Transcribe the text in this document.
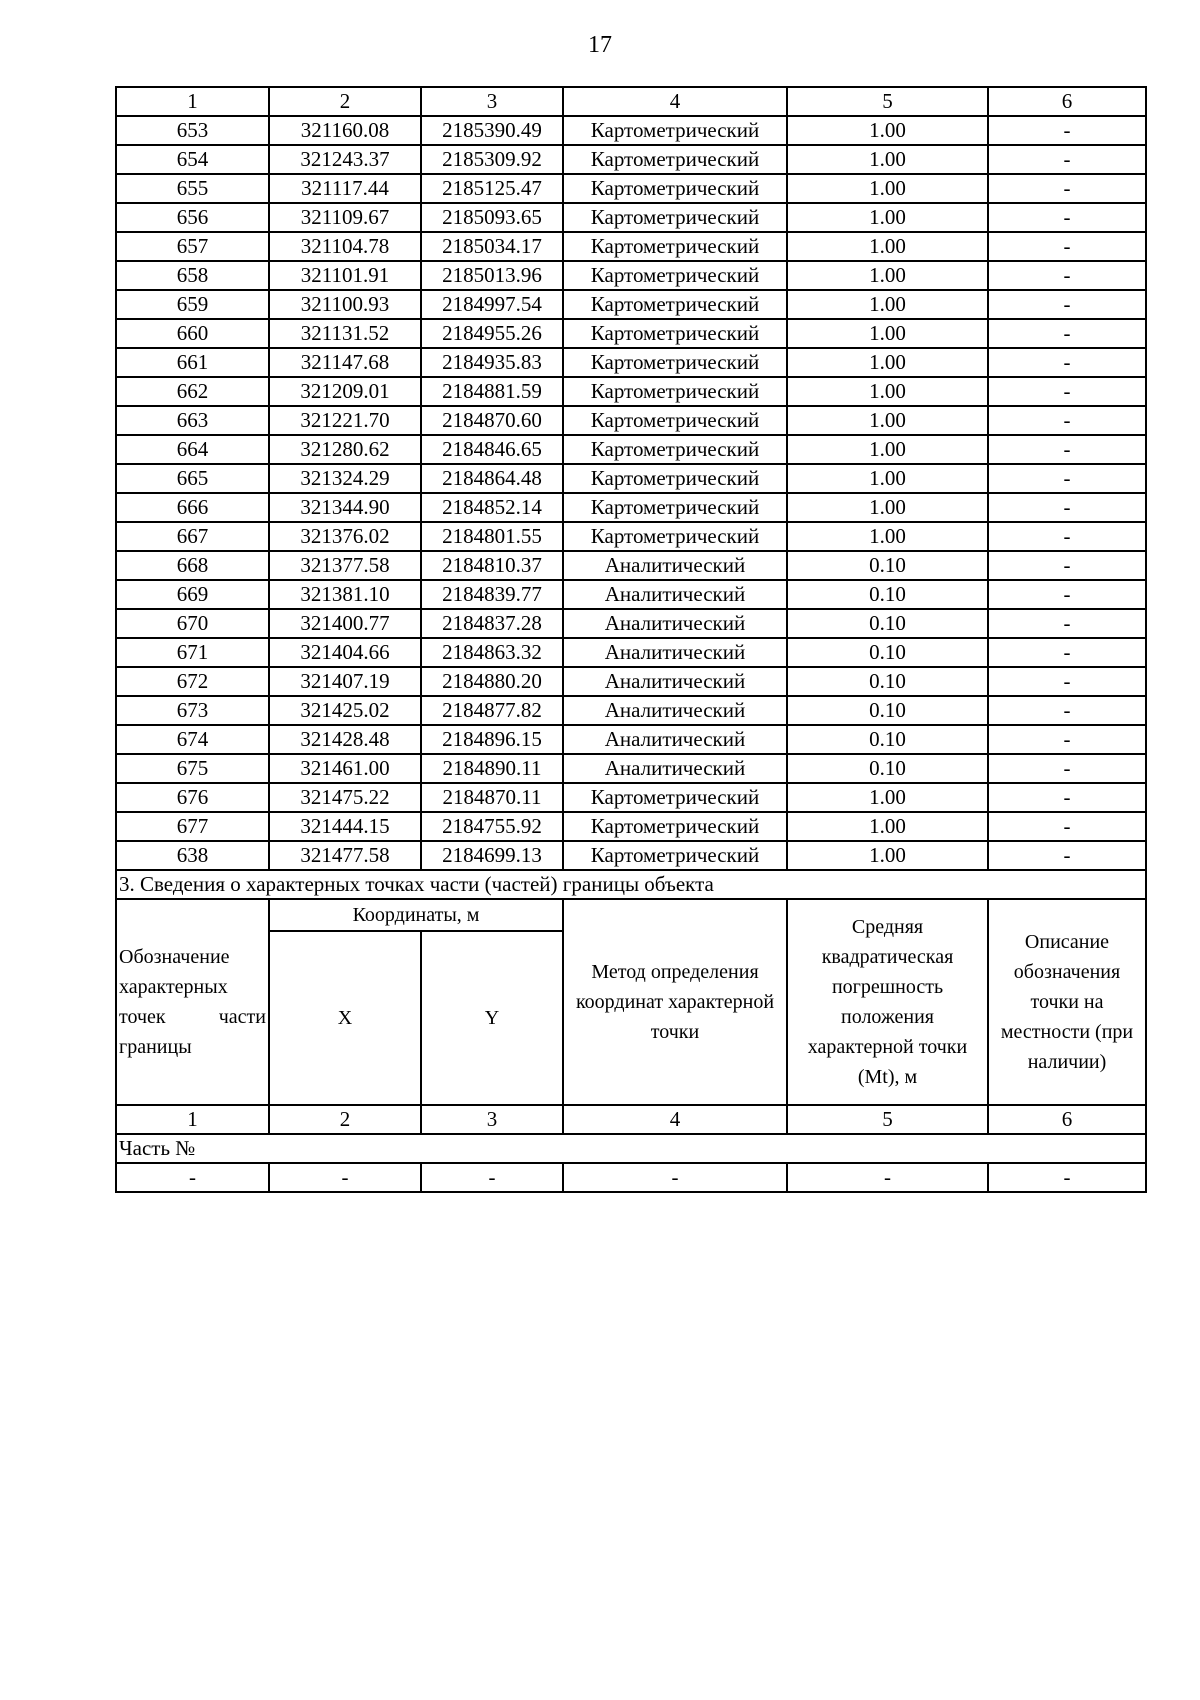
17
1	2	3	4	5	6
653	321160.08	2185390.49	Картометрический	1.00	-
654	321243.37	2185309.92	Картометрический	1.00	-
655	321117.44	2185125.47	Картометрический	1.00	-
656	321109.67	2185093.65	Картометрический	1.00	-
657	321104.78	2185034.17	Картометрический	1.00	-
658	321101.91	2185013.96	Картометрический	1.00	-
659	321100.93	2184997.54	Картометрический	1.00	-
660	321131.52	2184955.26	Картометрический	1.00	-
661	321147.68	2184935.83	Картометрический	1.00	-
662	321209.01	2184881.59	Картометрический	1.00	-
663	321221.70	2184870.60	Картометрический	1.00	-
664	321280.62	2184846.65	Картометрический	1.00	-
665	321324.29	2184864.48	Картометрический	1.00	-
666	321344.90	2184852.14	Картометрический	1.00	-
667	321376.02	2184801.55	Картометрический	1.00	-
668	321377.58	2184810.37	Аналитический	0.10	-
669	321381.10	2184839.77	Аналитический	0.10	-
670	321400.77	2184837.28	Аналитический	0.10	-
671	321404.66	2184863.32	Аналитический	0.10	-
672	321407.19	2184880.20	Аналитический	0.10	-
673	321425.02	2184877.82	Аналитический	0.10	-
674	321428.48	2184896.15	Аналитический	0.10	-
675	321461.00	2184890.11	Аналитический	0.10	-
676	321475.22	2184870.11	Картометрический	1.00	-
677	321444.15	2184755.92	Картометрический	1.00	-
638	321477.58	2184699.13	Картометрический	1.00	-
3. Сведения о характерных точках части (частей) границы объекта					
Обозначение характерных точек части границы	Координаты, м		Метод определения координат характерной точки	Средняя квадратическая погрешность положения характерной точки (Mt), м	Описание обозначения точки на местности (при наличии)
	X	Y			
1	2	3	4	5	6
Часть №					
-	-	-	-	-	-
